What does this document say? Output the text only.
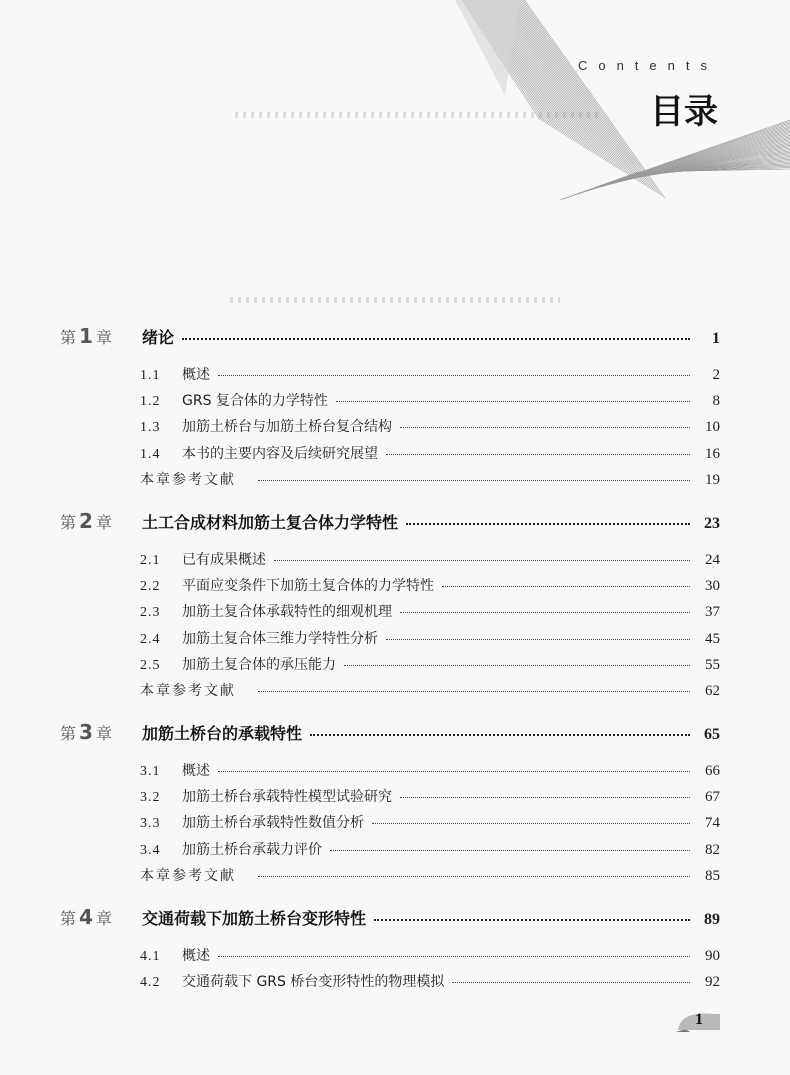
Contents
目录
第 1 章	绪论	1
1.1	概述	2
1.2	GRS 复合体的力学特性	8
1.3	加筋土桥台与加筋土桥台复合结构	10
1.4	本书的主要内容及后续研究展望	16
本章参考文献	19
第 2 章	土工合成材料加筋土复合体力学特性	23
2.1	已有成果概述	24
2.2	平面应变条件下加筋土复合体的力学特性	30
2.3	加筋土复合体承载特性的细观机理	37
2.4	加筋土复合体三维力学特性分析	45
2.5	加筋土复合体的承压能力	55
本章参考文献	62
第 3 章	加筋土桥台的承载特性	65
3.1	概述	66
3.2	加筋土桥台承载特性模型试验研究	67
3.3	加筋土桥台承载特性数值分析	74
3.4	加筋土桥台承载力评价	82
本章参考文献	85
第 4 章	交通荷载下加筋土桥台变形特性	89
4.1	概述	90
4.2	交通荷载下 GRS 桥台变形特性的物理模拟	92
1
